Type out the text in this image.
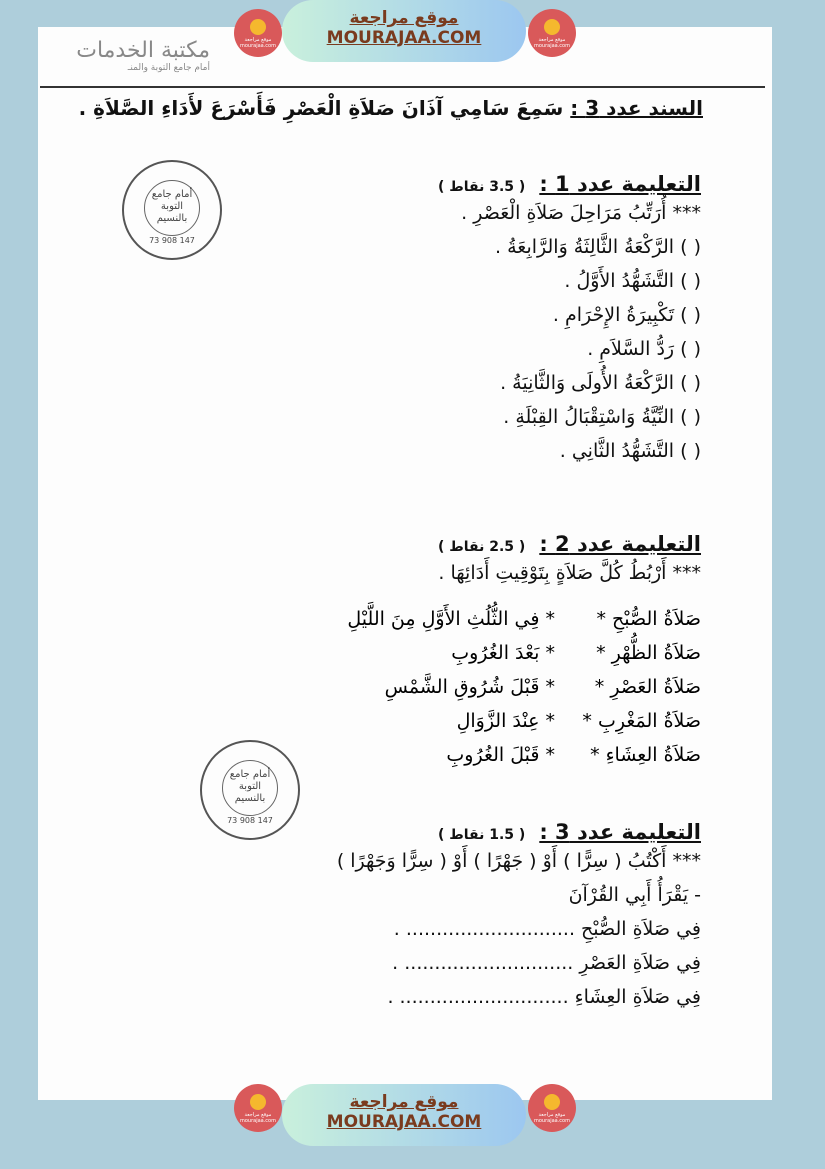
موقع مراجعة
MOURAJAA.COM
موقع مراجعة mourajaa.com
موقع مراجعة mourajaa.com
موقع مراجعة
MOURAJAA.COM
موقع مراجعة mourajaa.com
موقع مراجعة mourajaa.com
مكتبة الخدمات
أمام جامع التوبة والمنـ
السند عدد 3 : سَمِعَ سَامِي آذَانَ صَلاَةِ الْعَصْرِ فَأَسْرَعَ لأَدَاءِ الصَّلاَةِ .
أمام جامع التوبة بالنسيم
73 908 147
أمام جامع التوبة بالنسيم
73 908 147
التعليمة عدد 1 :( 3.5 نقاط )
*** أُرَتِّبُ مَرَاحِلَ صَلاَةِ الْعَصْرِ .
( ) الرَّكْعَةُ الثَّالِثَةُ وَالرَّابِعَةُ .
( ) التَّشَهُّدُ الأَوَّلُ .
( ) تَكْبِيرَةُ الإِحْرَامِ .
( ) رَدُّ السَّلاَمِ .
( ) الرَّكْعَةُ الأُولَى وَالثَّانِيَةُ .
( ) النِّيَّةُ وَاسْتِقْبَالُ القِبْلَةِ .
( ) التَّشَهُّدُ الثَّانِي .
التعليمة عدد 2 :( 2.5 نقاط )
*** أَرْبُطُ كُلَّ صَلاَةٍ بِتَوْقِيتِ أَدَائِهَا .
صَلاَةُ الصُّبْحِ *
صَلاَةُ الظُّهْرِ *
صَلاَةُ العَصْرِ *
صَلاَةُ المَغْرِبِ *
صَلاَةُ العِشَاءِ *
* فِي الثُّلُثِ الأَوَّلِ مِنَ اللَّيْلِ
* بَعْدَ الغُرُوبِ
* قَبْلَ شُرُوقِ الشَّمْسِ
* عِنْدَ الزَّوَالِ
* قَبْلَ الغُرُوبِ
التعليمة عدد 3 :( 1.5 نقاط )
*** أَكْتُبُ ( سِرًّا ) أَوْ ( جَهْرًا ) أَوْ ( سِرًّا وَجَهْرًا )
- يَقْرَأُ أَبِي القُرْآنَ
فِي صَلاَةِ الصُّبْحِ ............................ .
فِي صَلاَةِ العَصْرِ ............................ .
فِي صَلاَةِ العِشَاءِ ............................ .
